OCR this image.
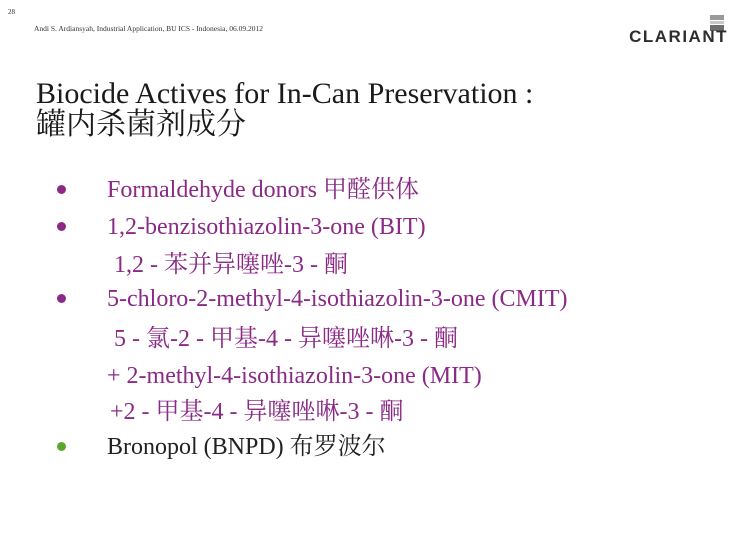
28
Andi S. Ardiansyah, Industrial Application, BU ICS - Indonesia, 06.09.2012	CLARIANT
Biocide Actives for In-Can Preservation :
罐内杀菌剂成分
Formaldehyde donors 甲醛供体
1,2-benzisothiazolin-3-one (BIT)
1,2 - 苯并异噻唑-3 - 酮
5-chloro-2-methyl-4-isothiazolin-3-one (CMIT)
5 - 氯-2 - 甲基-4 - 异噻唑啉-3 - 酮
+ 2-methyl-4-isothiazolin-3-one (MIT)
+2 - 甲基-4 - 异噻唑啉-3 - 酮
Bronopol (BNPD) 布罗波尔
